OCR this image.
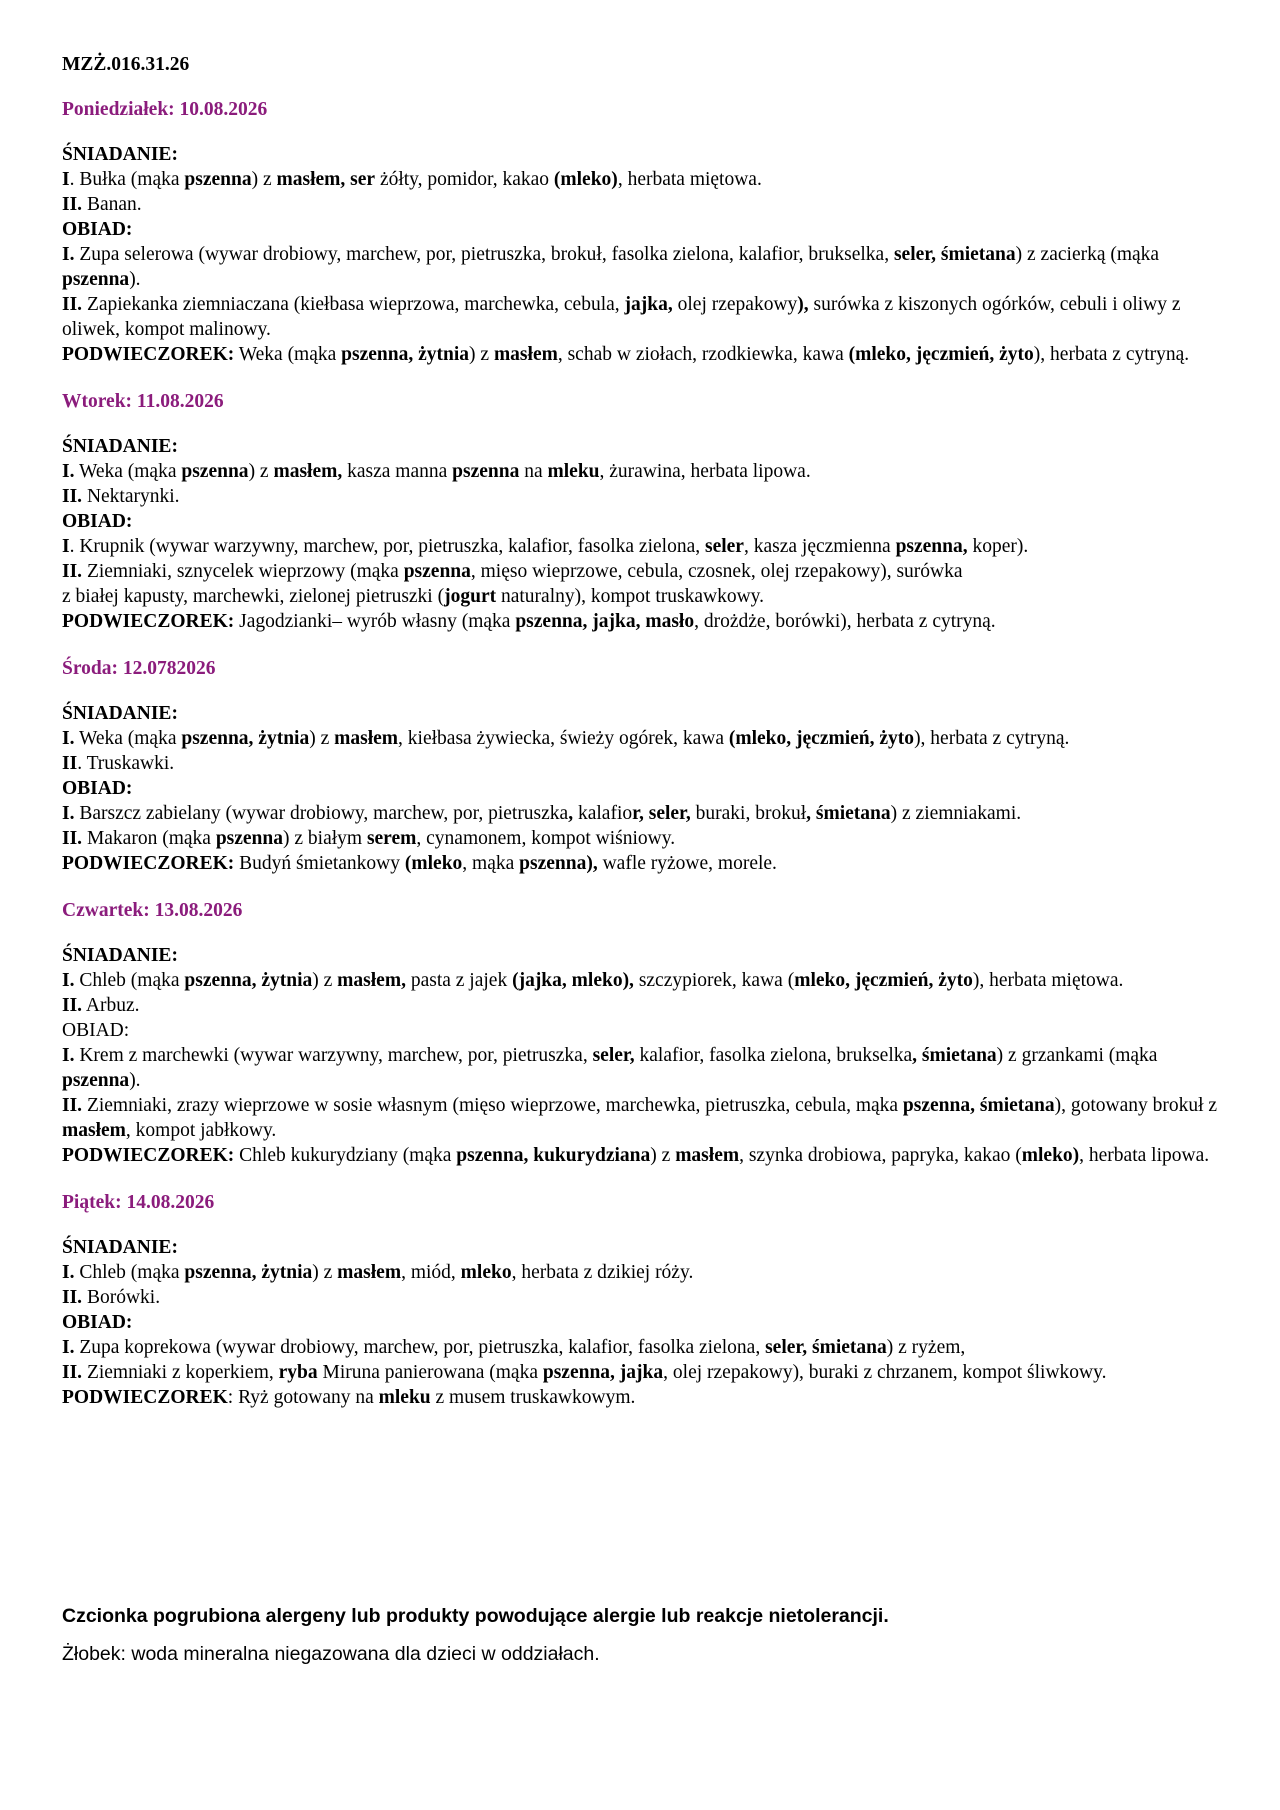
MZŻ.016.31.26
Poniedziałek: 10.08.2026
ŚNIADANIE:
I. Bułka (mąka pszenna) z masłem, ser żółty, pomidor, kakao (mleko), herbata miętowa.
II. Banan.
OBIAD:
I. Zupa selerowa (wywar drobiowy, marchew, por, pietruszka, brokuł, fasolka zielona, kalafior, brukselka, seler, śmietana) z zacierką (mąka pszenna).
II. Zapiekanka ziemniaczana (kiełbasa wieprzowa, marchewka, cebula, jajka, olej rzepakowy), surówka z kiszonych ogórków, cebuli i oliwy z oliwek, kompot malinowy.
PODWIECZOREK: Weka (mąka pszenna, żytnia) z masłem, schab w ziołach, rzodkiewka, kawa (mleko, jęczmień, żyto), herbata z cytryną.
Wtorek: 11.08.2026
ŚNIADANIE:
I. Weka (mąka pszenna) z masłem, kasza manna pszenna na mleku, żurawina, herbata lipowa.
II. Nektarynki.
OBIAD:
I. Krupnik (wywar warzywny, marchew, por, pietruszka, kalafior, fasolka zielona, seler, kasza jęczmienna pszenna, koper).
II. Ziemniaki, sznycelek wieprzowy (mąka pszenna, mięso wieprzowe, cebula, czosnek, olej rzepakowy), surówka
z białej kapusty, marchewki, zielonej pietruszki (jogurt naturalny), kompot truskawkowy.
PODWIECZOREK: Jagodzianki– wyrób własny (mąka pszenna, jajka, masło, drożdże, borówki), herbata z cytryną.
Środa: 12.0782026
ŚNIADANIE:
I. Weka (mąka pszenna, żytnia) z masłem, kiełbasa żywiecka, świeży ogórek, kawa (mleko, jęczmień, żyto), herbata z cytryną.
II. Truskawki.
OBIAD:
I. Barszcz zabielany (wywar drobiowy, marchew, por, pietruszka, kalafior, seler, buraki, brokuł, śmietana) z ziemniakami.
II. Makaron (mąka pszenna) z białym serem, cynamonem, kompot wiśniowy.
PODWIECZOREK: Budyń śmietankowy (mleko, mąka pszenna), wafle ryżowe, morele.
Czwartek: 13.08.2026
ŚNIADANIE:
I. Chleb (mąka pszenna, żytnia) z masłem, pasta z jajek (jajka, mleko), szczypiorek, kawa (mleko, jęczmień, żyto), herbata miętowa.
II. Arbuz.
OBIAD:
I. Krem z marchewki (wywar warzywny, marchew, por, pietruszka, seler, kalafior, fasolka zielona, brukselka, śmietana) z grzankami (mąka pszenna).
II. Ziemniaki, zrazy wieprzowe w sosie własnym (mięso wieprzowe, marchewka, pietruszka, cebula, mąka pszenna, śmietana), gotowany brokuł z masłem, kompot jabłkowy.
PODWIECZOREK: Chleb kukurydziany (mąka pszenna, kukurydziana) z masłem, szynka drobiowa, papryka, kakao (mleko), herbata lipowa.
Piątek: 14.08.2026
ŚNIADANIE:
I. Chleb (mąka pszenna, żytnia) z masłem, miód, mleko, herbata z dzikiej róży.
II. Borówki.
OBIAD:
I. Zupa koprekowa (wywar drobiowy, marchew, por, pietruszka, kalafior, fasolka zielona, seler, śmietana) z ryżem,
II. Ziemniaki z koperkiem, ryba Miruna panierowana (mąka pszenna, jajka, olej rzepakowy), buraki z chrzanem, kompot śliwkowy.
PODWIECZOREK: Ryż gotowany na mleku z musem truskawkowym.
Czcionka pogrubiona alergeny lub produkty powodujące alergie lub reakcje nietolerancji.
Żłobek: woda mineralna niegazowana dla dzieci w oddziałach.
